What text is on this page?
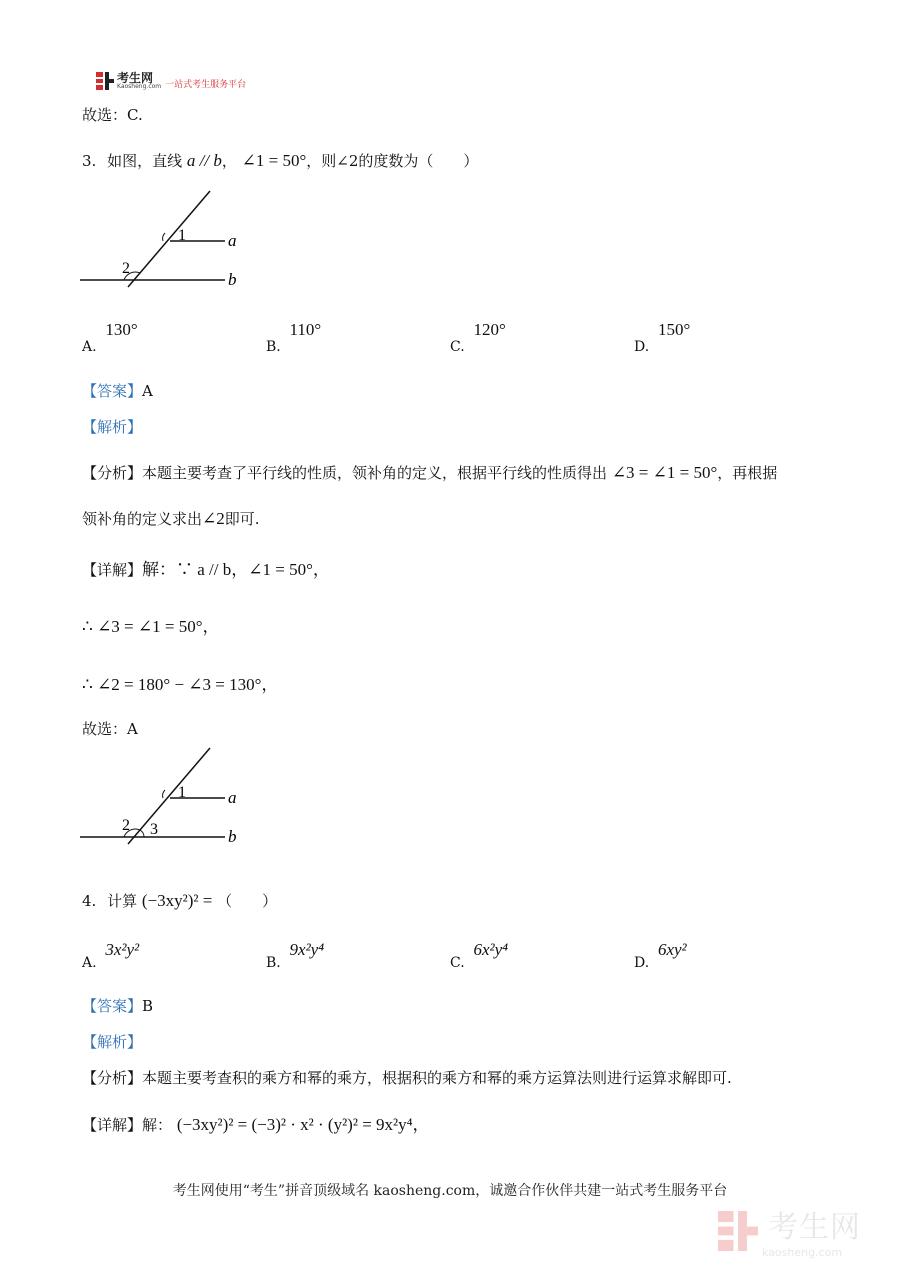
考生网
Kaosheng.com 一站式考生服务平台
故选：C.
3. 如图，直线 a // b， ∠1 = 50°，则∠2的度数为（　　）
1
2
a
b
A. 130°
B. 110°
C. 120°
D. 150°
【答案】A
【解析】
【分析】本题主要考查了平行线的性质，领补角的定义，根据平行线的性质得出 ∠3 = ∠1 = 50°，再根据
领补角的定义求出∠2即可.
【详解】解：∵ a // b，∠1 = 50°，
∴ ∠3 = ∠1 = 50°，
∴ ∠2 = 180° − ∠3 = 130°，
故选：A
1
2 3
a
b
4. 计算 (−3xy²)² = （　　）
A. 3x²y²
B. 9x²y⁴
C. 6x²y⁴
D. 6xy²
【答案】B
【解析】
【分析】本题主要考查积的乘方和幂的乘方，根据积的乘方和幂的乘方运算法则进行运算求解即可.
【详解】解： (−3xy²)² = (−3)² · x² · (y²)² = 9x²y⁴，
考生网使用“考生”拼音顶级域名 kaosheng.com，诚邀合作伙伴共建一站式考生服务平台
考生网
kaosheng.com
